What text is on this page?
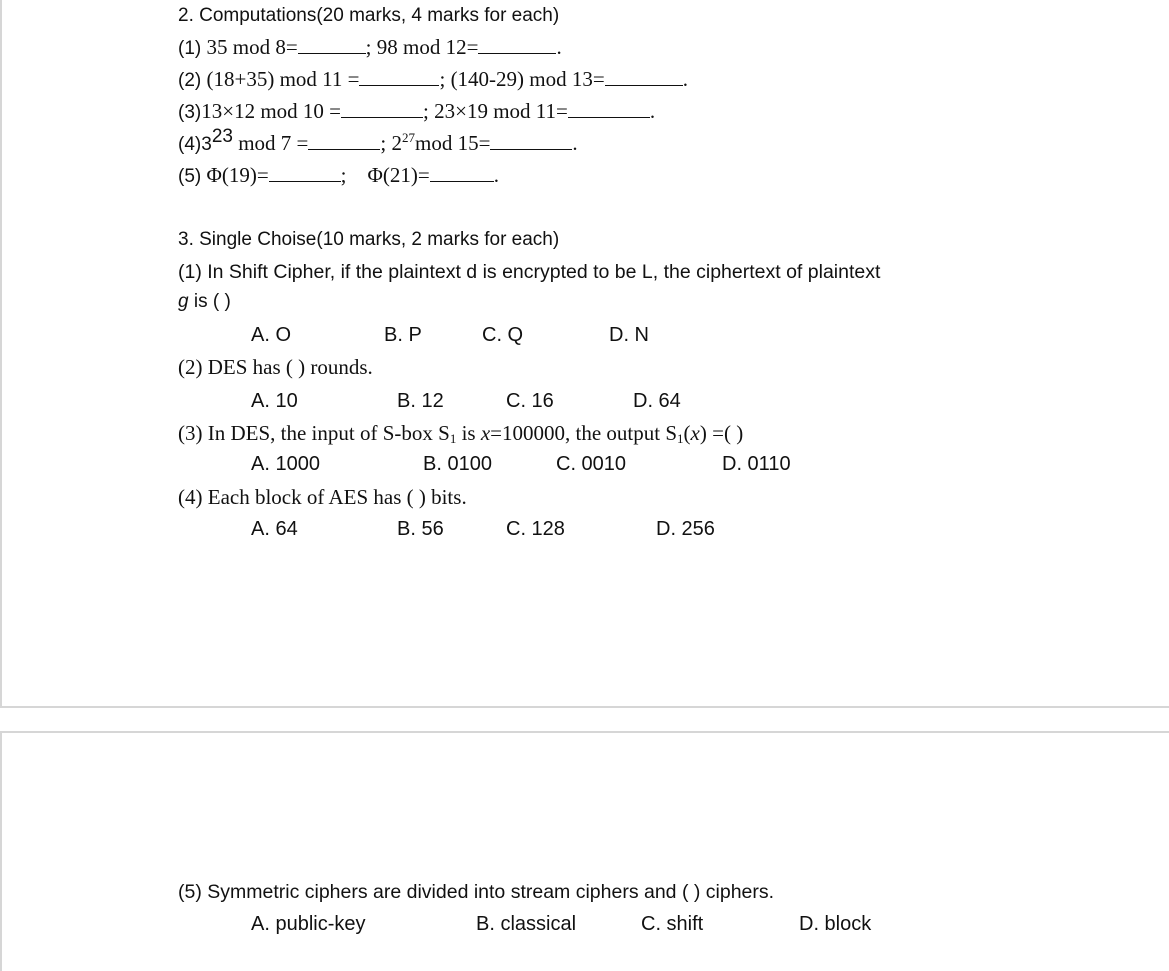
2. Computations(20 marks, 4 marks for each)
(1) 35 mod 8=	; 98 mod 12=	.
(2) (18+35) mod 11 =	; (140-29) mod 13=	.
(3)13×12 mod 10 =	; 23×19 mod 11=	.
$(4)3^{23}$ mod 7 =	; $2^{27}mod$ 15=	.
(5) Φ(19)=	; Φ(21)=	.
3. Single Choise(10 marks, 2 marks for each)
(1) In Shift Cipher, if the plaintext d is encrypted to be L, the ciphertext of plaintext
g is ( )
A. O	B. P	C. Q	D. N
(2) DES has ( ) rounds.
A. 10	B. 12	C. 16	D. 64
(3) In DES, the input of S-box $S_1$ is x=100000, the output $S_1(x)$ =( )
A. 1000	B. 0100	C. 0010	D. 0110
(4) Each block of AES has ( ) bits.
A. 64	B. 56	C. 128	D. 256
(5) Symmetric ciphers are divided into stream ciphers and ( ) ciphers.
A. public-key	B. classical	C. shift	D. block
